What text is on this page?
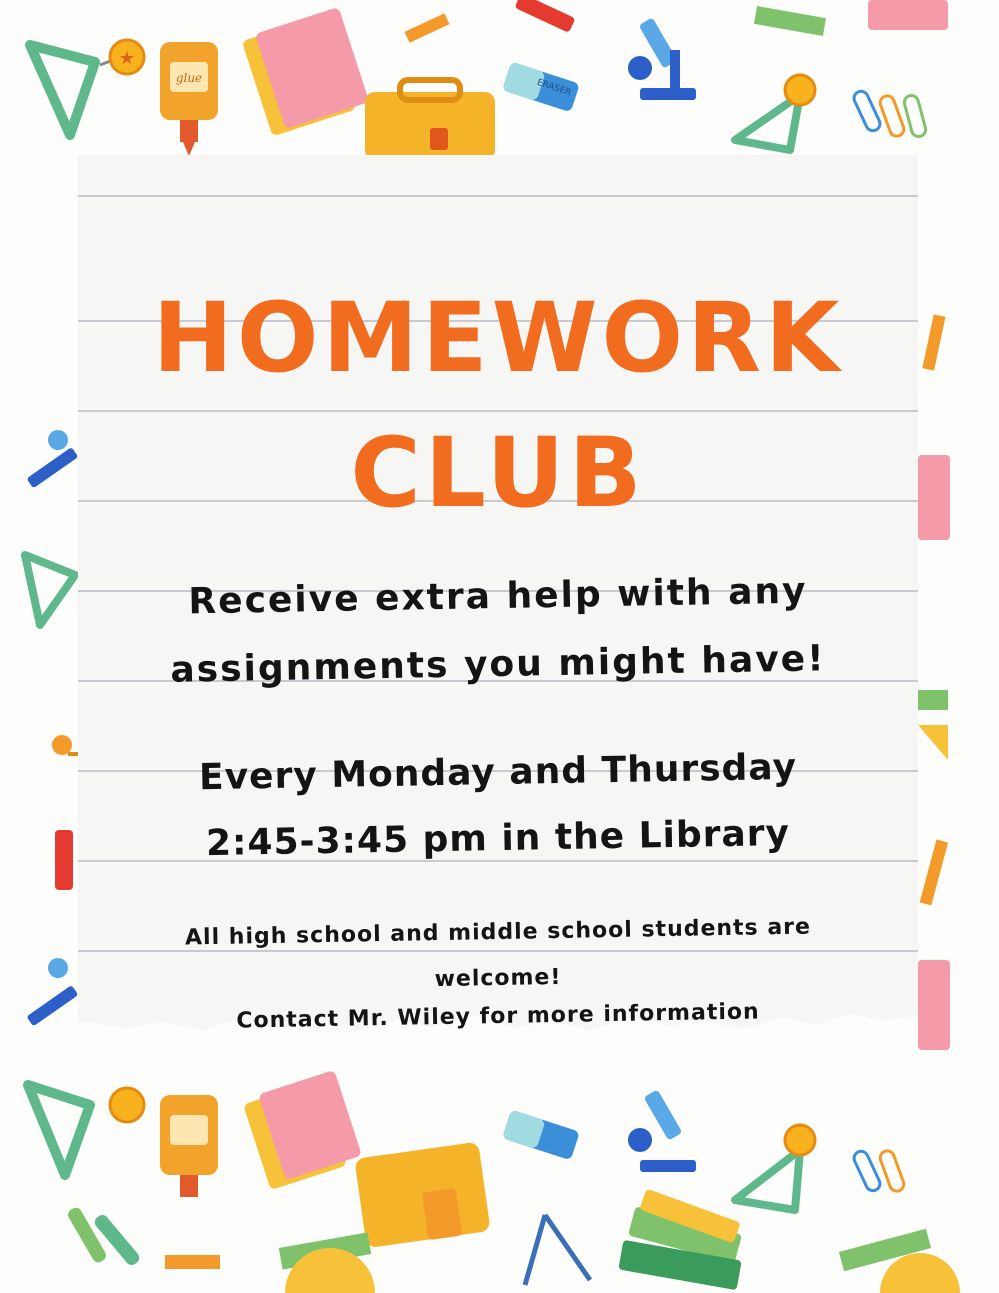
★
glue	ERASER
HOMEWORK
CLUB
Receive extra help with any
assignments you might have!
Every Monday and Thursday
2:45-3:45 pm in the Library
All high school and middle school students are
welcome!
Contact Mr. Wiley for more information
